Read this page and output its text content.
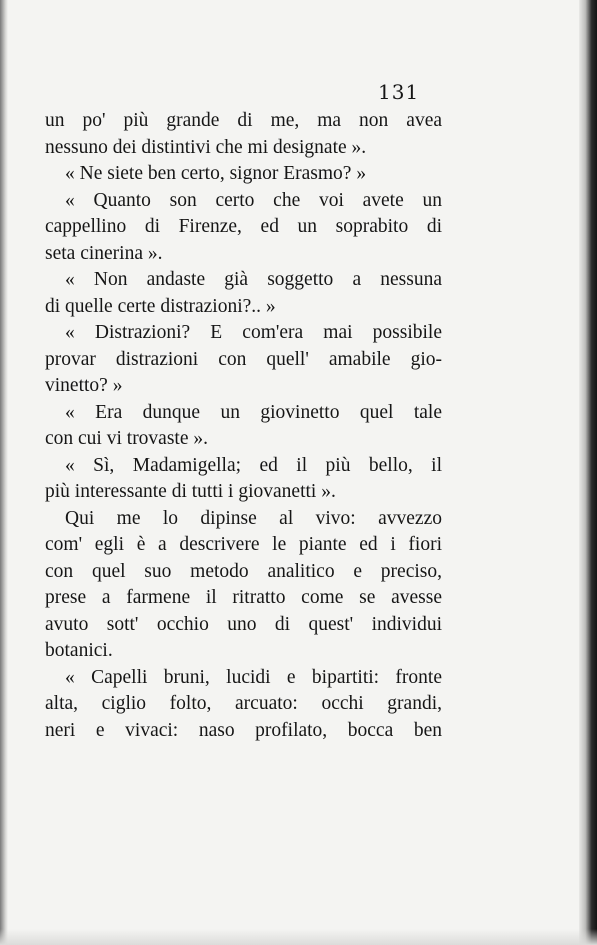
131

un po' più grande di me, ma non avea
nessuno dei distintivi che mi designate ».
« Ne siete ben certo, signor Erasmo? »
« Quanto son certo che voi avete un
cappellino di Firenze, ed un soprabito di
seta cinerina ».
« Non andaste già soggetto a nessuna
di quelle certe distrazioni?.. »
« Distrazioni? E com'era mai possibile
provar distrazioni con quell' amabile gio-
vinetto? »
« Era dunque un giovinetto quel tale
con cui vi trovaste ».
« Sì, Madamigella; ed il più bello, il
più interessante di tutti i giovanetti ».
Qui me lo dipinse al vivo: avvezzo
com' egli è a descrivere le piante ed i fiori
con quel suo metodo analitico e preciso,
prese a farmene il ritratto come se avesse
avuto sott' occhio uno di quest' individui
botanici.
« Capelli bruni, lucidi e bipartiti: fronte
alta, ciglio folto, arcuato: occhi grandi,
neri e vivaci: naso profilato, bocca ben
